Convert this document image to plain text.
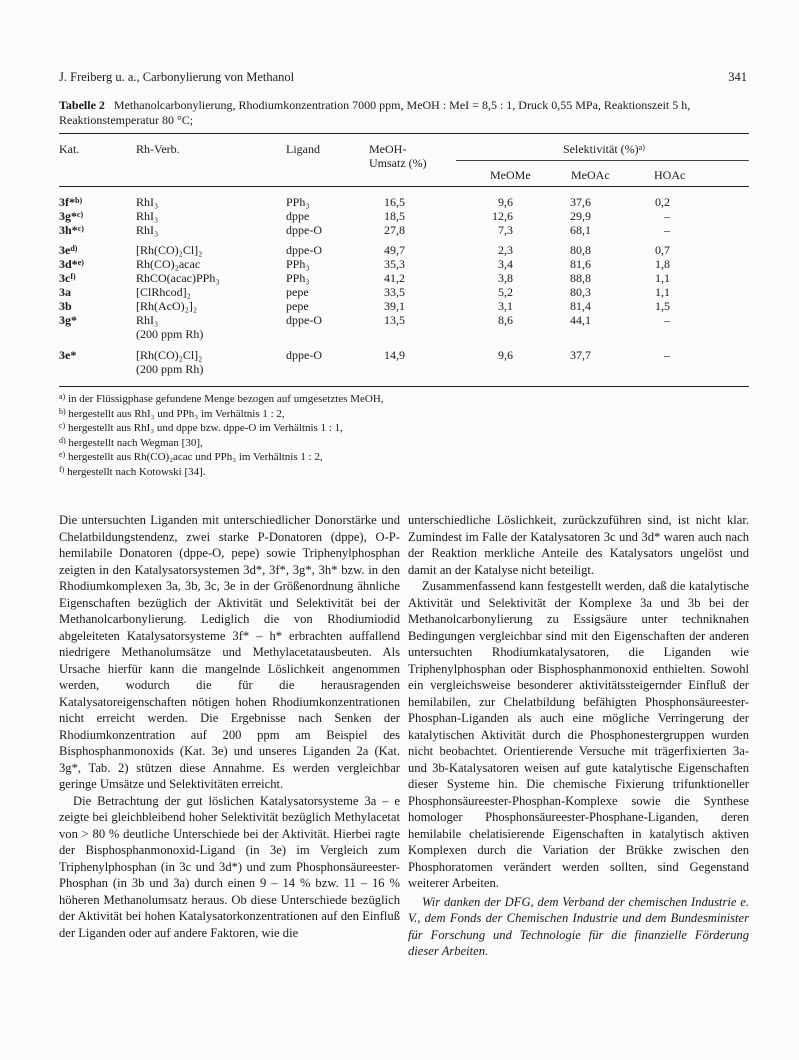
J. Freiberg u. a., Carbonylierung von Methanol	341
Tabelle 2 Methanolcarbonylierung, Rhodiumkonzentration 7000 ppm, MeOH : MeI = 8,5 : 1, Druck 0,55 MPa, Reaktionszeit 5 h, Reaktionstemperatur 80 °C;
Kat.	Rh-Verb.	Ligand	MeOH-
Umsatz (%)
Selektivität (%)$^{a)}$
MeOMe	MeOAc	HOAc
3f*$^{b)}$	RhI₃	PPh₃	16,5	9,6	37,6	0,2
3g*$^{c)}$	RhI₃	dppe	18,5	12,6	29,9	–
3h*$^{c)}$	RhI₃	dppe-O	27,8	7,3	68,1	–
$3e^{d)}$	[Rh(CO)₂Cl]₂	dppe-O	49,7	2,3	80,8	0,7
3d*$^{e)}$	Rh(CO)₂acac	PPh₃	35,3	3,4	81,6	1,8
$3c^{f)}$	RhCO(acac)PPh₃	PPh₃	41,2	3,8	88,8	1,1
3a	[ClRhcod]₂	pepe	33,5	5,2	80,3	1,1
3b	[Rh(AcO)₂]₂	pepe	39,1	3,1	81,4	1,5
3g*	RhI₃	dppe-O	13,5	8,6	44,1	–
(200 ppm Rh)
3e*	[Rh(CO)₂Cl]₂	dppe-O	14,9	9,6	37,7	–
(200 ppm Rh)
$^{a)}$ in der Flüssigphase gefundene Menge bezogen auf umgesetztes MeOH,
$^{b)}$ hergestellt aus RhI₃ und PPh₃ im Verhältnis 1 : 2,
$^{c)}$ hergestellt aus RhI₃ und dppe bzw. dppe-O im Verhältnis 1 : 1,
$^{d)}$ hergestellt nach Wegman [30],
$^{e)}$ hergestellt aus Rh(CO)₂acac und PPh₃ im Verhältnis 1 : 2,
$^{f)}$ hergestellt nach Kotowski [34].

Die untersuchten Liganden mit unterschiedlicher Donorstärke und Chelatbildungstendenz, zwei starke P-Donatoren (dppe), O-P-hemilabile Donatoren (dppe-O, pepe) sowie Triphenylphosphan zeigten in den Katalysatorsystemen 3d*, 3f*, 3g*, 3h* bzw. in den Rhodiumkomplexen 3a, 3b, 3c, 3e in der Größenordnung ähnliche Eigenschaften bezüglich der Aktivität und Selektivität bei der Methanolcarbonylierung. Lediglich die von Rhodiumiodid abgeleiteten Katalysatorsysteme 3f* – h* erbrachten auffallend niedrigere Methanolumsätze und Methylacetatausbeuten. Als Ursache hierfür kann die mangelnde Löslichkeit angenommen werden, wodurch die für die herausragenden Katalysatoreigenschaften nötigen hohen Rhodiumkonzentrationen nicht erreicht werden. Die Ergebnisse nach Senken der Rhodiumkonzentration auf 200 ppm am Beispiel des Bisphosphanmonoxids (Kat. 3e) und unseres Liganden 2a (Kat. 3g*, Tab. 2) stützen diese Annahme. Es werden vergleichbar geringe Umsätze und Selektivitäten erreicht.

Die Betrachtung der gut löslichen Katalysatorsysteme 3a – e zeigte bei gleichbleibend hoher Selektivität bezüglich Methylacetat von > 80 % deutliche Unterschiede bei der Aktivität. Hierbei ragte der Bisphosphanmonoxid-Ligand (in 3e) im Vergleich zum Triphenylphosphan (in 3c und 3d*) und zum Phosphonsäureester-Phosphan (in 3b und 3a) durch einen 9 – 14 % bzw. 11 – 16 % höheren Methanolumsatz heraus. Ob diese Unterschiede bezüglich der Aktivität bei hohen Katalysatorkonzentrationen auf den Einfluß der Liganden oder auf andere Faktoren, wie die

unterschiedliche Löslichkeit, zurückzuführen sind, ist nicht klar. Zumindest im Falle der Katalysatoren 3c und 3d* waren auch nach der Reaktion merkliche Anteile des Katalysators ungelöst und damit an der Katalyse nicht beteiligt.

Zusammenfassend kann festgestellt werden, daß die katalytische Aktivität und Selektivität der Komplexe 3a und 3b bei der Methanolcarbonylierung zu Essigsäure unter techniknahen Bedingungen vergleichbar sind mit den Eigenschaften der anderen untersuchten Rhodiumkatalysatoren, die Liganden wie Triphenylphosphan oder Bisphosphanmonoxid enthielten. Sowohl ein vergleichsweise besonderer aktivitätssteigernder Einfluß der hemilabilen, zur Chelatbildung befähigten Phosphonsäureester-Phosphan-Liganden als auch eine mögliche Verringerung der katalytischen Aktivität durch die Phosphonestergruppen wurden nicht beobachtet. Orientierende Versuche mit trägerfixierten 3a- und 3b-Katalysatoren weisen auf gute katalytische Eigenschaften dieser Systeme hin. Die chemische Fixierung trifunktioneller Phosphonsäureester-Phosphan-Komplexe sowie die Synthese homologer Phosphonsäureester-Phosphane-Liganden, deren hemilabile chelatisierende Eigenschaften in katalytisch aktiven Komplexen durch die Variation der Brükke zwischen den Phosphoratomen verändert werden sollten, sind Gegenstand weiterer Arbeiten.

Wir danken der DFG, dem Verband der chemischen Industrie e. V., dem Fonds der Chemischen Industrie und dem Bundesminister für Forschung und Technologie für die finanzielle Förderung dieser Arbeiten.
